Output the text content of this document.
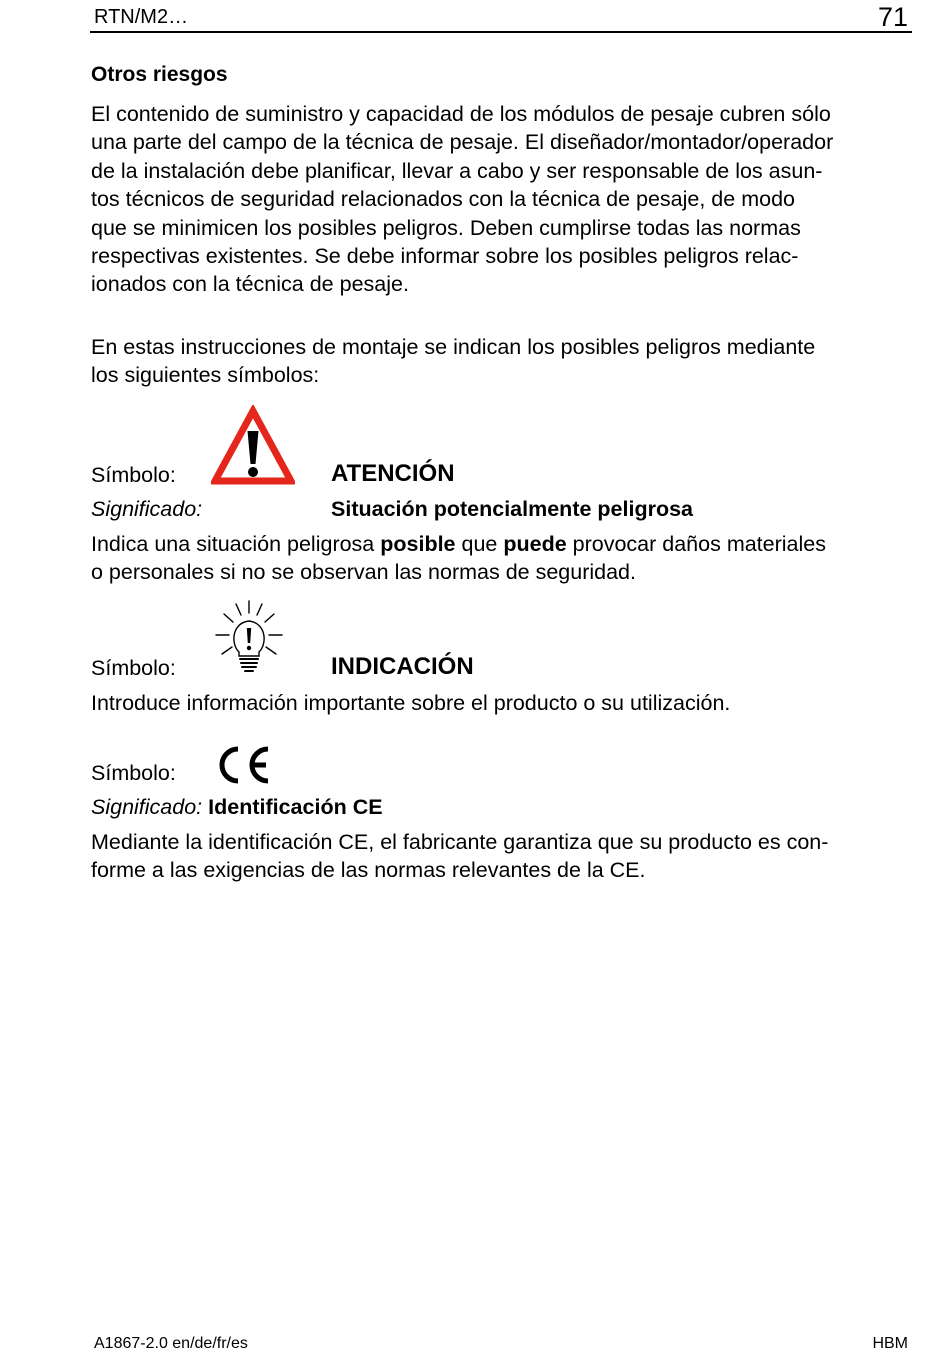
RTN/M2…	71
Otros riesgos
El contenido de suministro y capacidad de los módulos de pesaje cubren sólo
una parte del campo de la técnica de pesaje. El diseñador/montador/operador
de la instalación debe planificar, llevar a cabo y ser responsable de los asun-
tos técnicos de seguridad relacionados con la técnica de pesaje, de modo
que se minimicen los posibles peligros. Deben cumplirse todas las normas
respectivas existentes. Se debe informar sobre los posibles peligros relac-
ionados con la técnica de pesaje.
En estas instrucciones de montaje se indican los posibles peligros mediante
los siguientes símbolos:
Símbolo:	ATENCIÓN
Significado:	Situación potencialmente peligrosa
Indica una situación peligrosa posible que puede provocar daños materiales
o personales si no se observan las normas de seguridad.
Símbolo:	INDICACIÓN
Introduce información importante sobre el producto o su utilización.
Símbolo:
Significado: Identificación CE
Mediante la identificación CE, el fabricante garantiza que su producto es con-
forme a las exigencias de las normas relevantes de la CE.
A1867-2.0 en/de/fr/es	HBM
